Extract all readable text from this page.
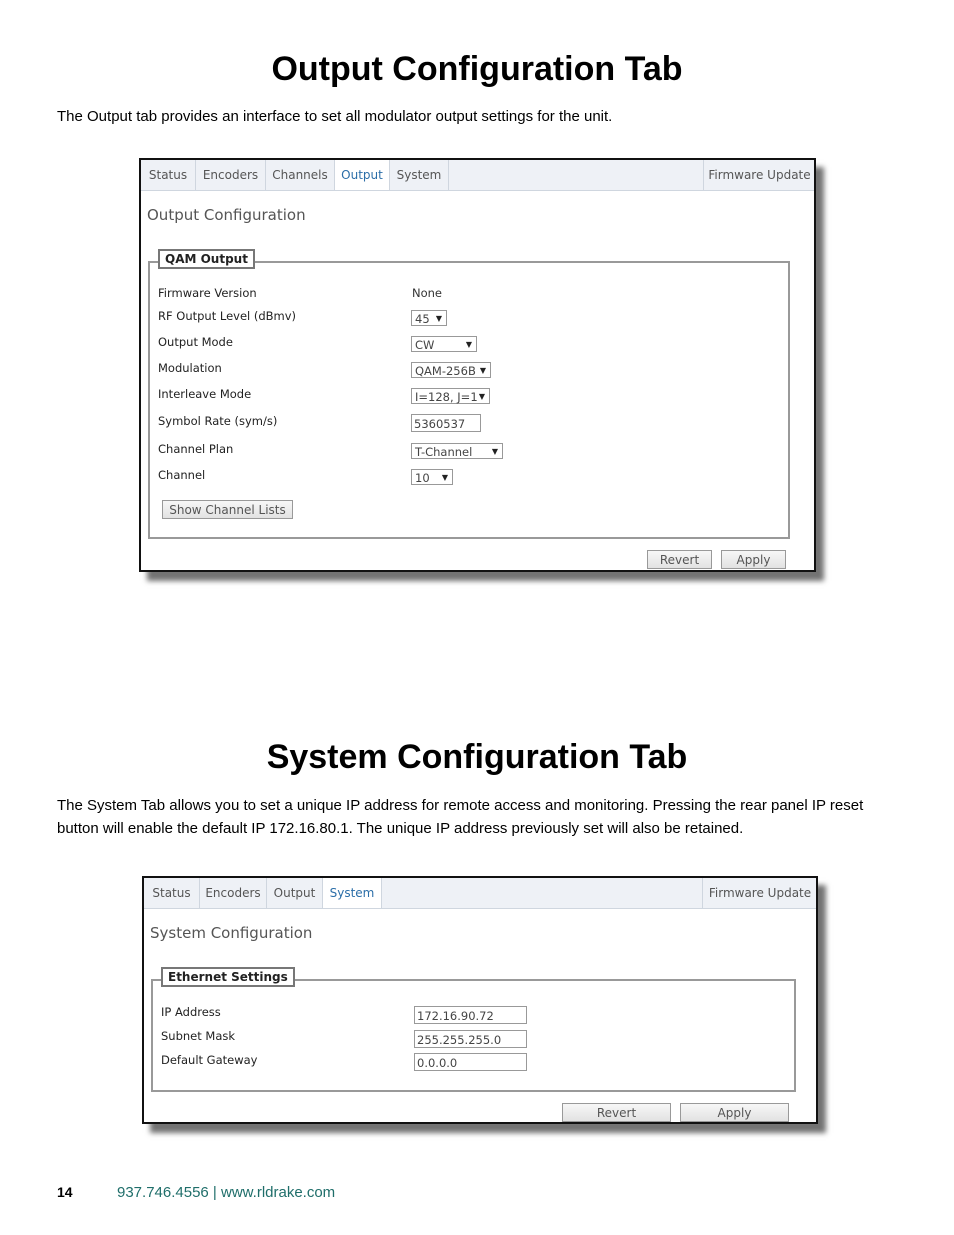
Output Configuration Tab

The Output tab provides an interface to set all modulator output settings for the unit.

Status	Encoders	Channels	Output	System	Firmware Update
Output Configuration
QAM Output
Firmware Version	None
RF Output Level (dBmv)	45 ▼
Output Mode	CW	▼
Modulation	QAM-256B ▼
Interleave Mode	I=128, J=1 ▼
Symbol Rate (sym/s)	5360537
Channel Plan	T-Channel ▼
Channel	10 ▼
Show Channel Lists
Revert	Apply
System Configuration Tab

The System Tab allows you to set a unique IP address for remote access and monitoring. Pressing the rear panel IP reset button will enable the default IP 172.16.80.1. The unique IP address previously set will also be retained.

Status	Encoders	Output	System	Firmware Update
System Configuration
Ethernet Settings
IP Address	172.16.90.72
Subnet Mask	255.255.255.0
Default Gateway	0.0.0.0
Revert	Apply
14	937.746.4556 | www.rldrake.com
